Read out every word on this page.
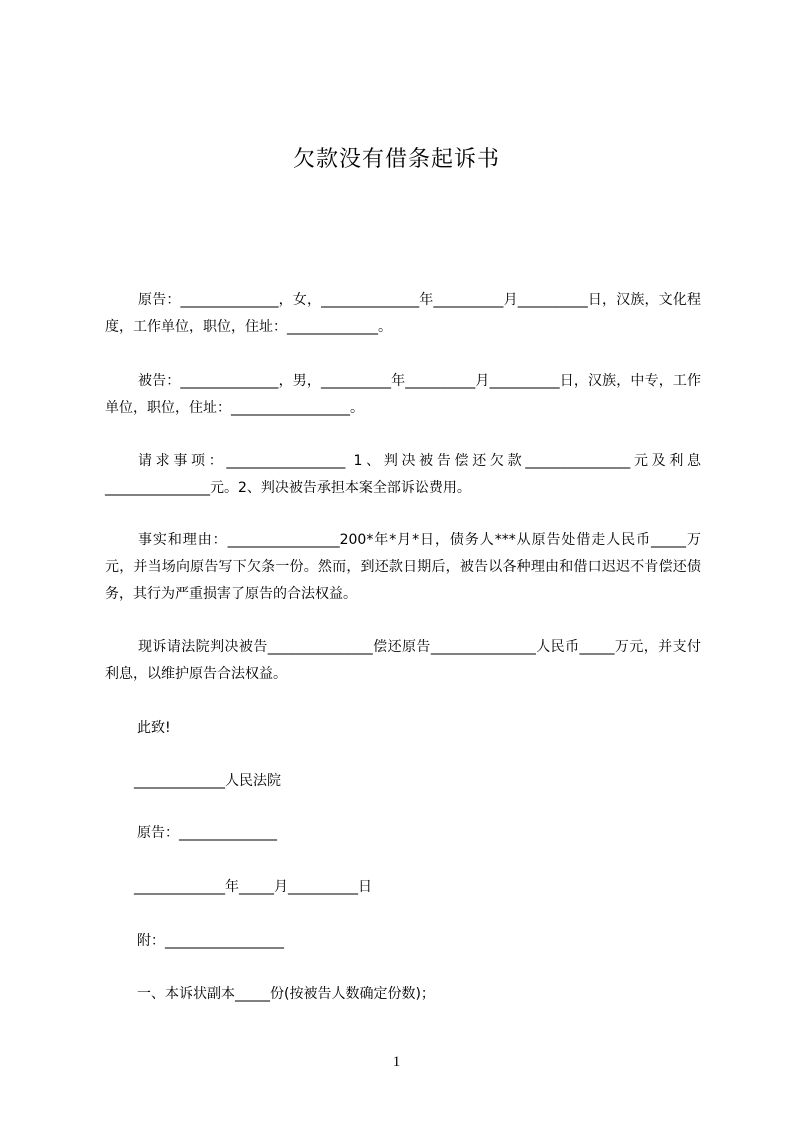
欠款没有借条起诉书
原告：______________，女，______________年__________月__________日，汉族，文化程度，工作单位，职位，住址：_____________。
被告：______________，男，__________年__________月__________日，汉族，中专，工作单位，职位，住址：_________________。
请求事项：_________________ 1、判决被告偿还欠款_______________元及利息_______________元。2、判决被告承担本案全部诉讼费用。
事实和理由：________________200*年*月*日，债务人***从原告处借走人民币_____万元，并当场向原告写下欠条一份。然而，到还款日期后，被告以各种理由和借口迟迟不肯偿还债务，其行为严重损害了原告的合法权益。
现诉请法院判决被告_______________偿还原告_______________人民币_____万元，并支付利息，以维护原告合法权益。
此致!
_____________人民法院
原告：______________
_____________年_____月__________日
附：_________________
一、本诉状副本_____份(按被告人数确定份数)；
1
